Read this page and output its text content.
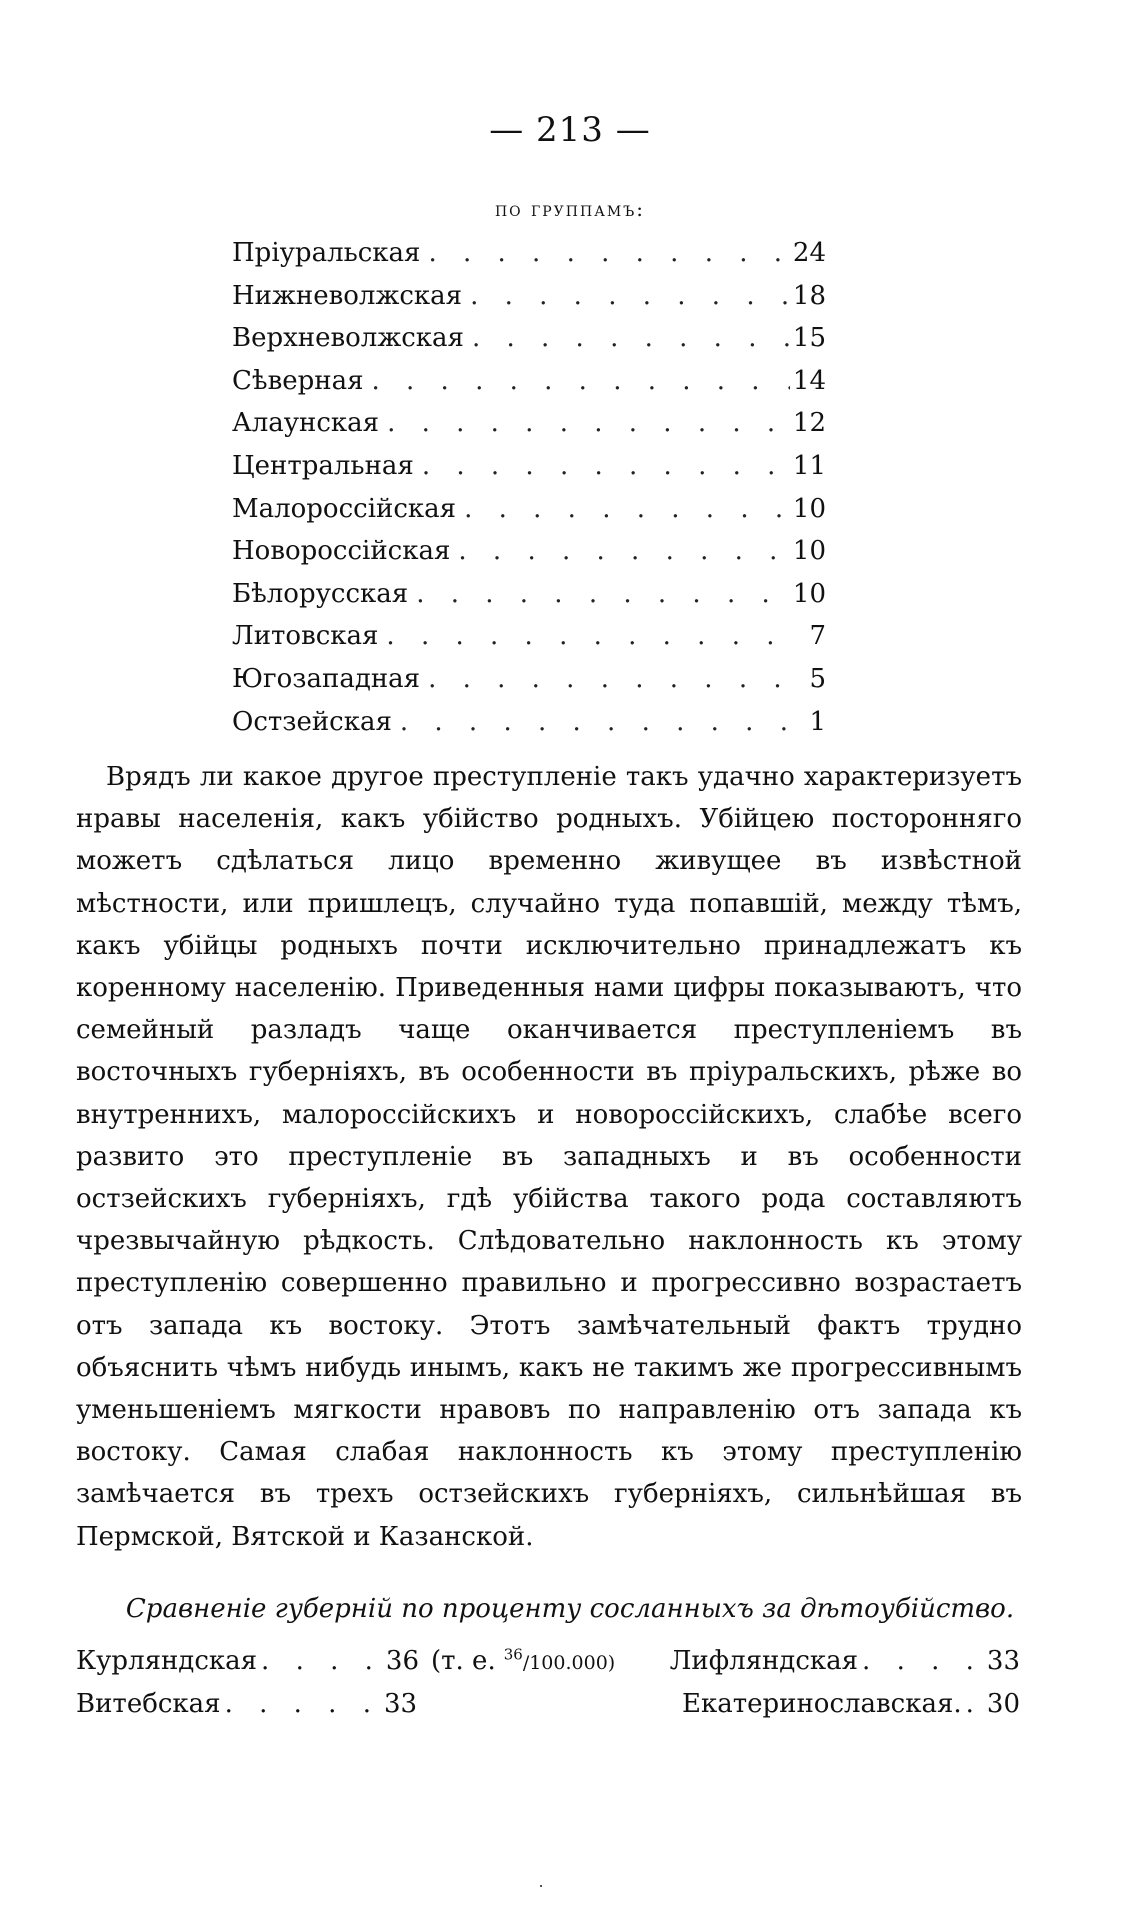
— 213 —
по группамъ:
Пріуральская . . .	24
Нижневолжская . . .	18
Верхневолжская . . .	15
Сѣверная . . .	14
Алаунская . . .	12
Центральная . . .	11
Малороссійская . . .	10
Новороссійская . . .	10
Бѣлорусская . . .	10
Литовская . . .	7
Югозападная . . .	5
Остзейская . . .	1

Врядъ ли какое другое преступленіе такъ удачно характеризуетъ нравы населенія, какъ убійство родныхъ. Убійцею посторонняго можетъ сдѣлаться лицо временно живущее въ извѣстной мѣстности, или пришлецъ, случайно туда попавшій, между тѣмъ, какъ убійцы родныхъ почти исключительно принадлежатъ къ коренному населенію. Приведенныя нами цифры показываютъ, что семейный разладъ чаще оканчивается преступленіемъ въ восточныхъ губерніяхъ, въ особенности въ пріуральскихъ, рѣже во внутреннихъ, малороссійскихъ и новороссійскихъ, слабѣе всего развито это преступленіе въ западныхъ и въ особенности остзейскихъ губерніяхъ, гдѣ убійства такого рода составляютъ чрезвычайную рѣдкость. Слѣдовательно наклонность къ этому преступленію совершенно правильно и прогрессивно возрастаетъ отъ запада къ востоку. Этотъ замѣчательный фактъ трудно объяснить чѣмъ нибудь инымъ, какъ не такимъ же прогрессивнымъ уменьшеніемъ мягкости нравовъ по направленію отъ запада къ востоку. Самая слабая наклонность къ этому преступленію замѣчается въ трехъ остзейскихъ губерніяхъ, сильнѣйшая въ Пермской, Вятской и Казанской.

Сравненіе губерній по проценту сосланныхъ за дѣтоубійство.
Курляндская . . . . 36 (т. е. $^{36}$/100.000) Лифляндская . . . . 33
Витебская . . . . . 33	Екатеринославская. . 30
